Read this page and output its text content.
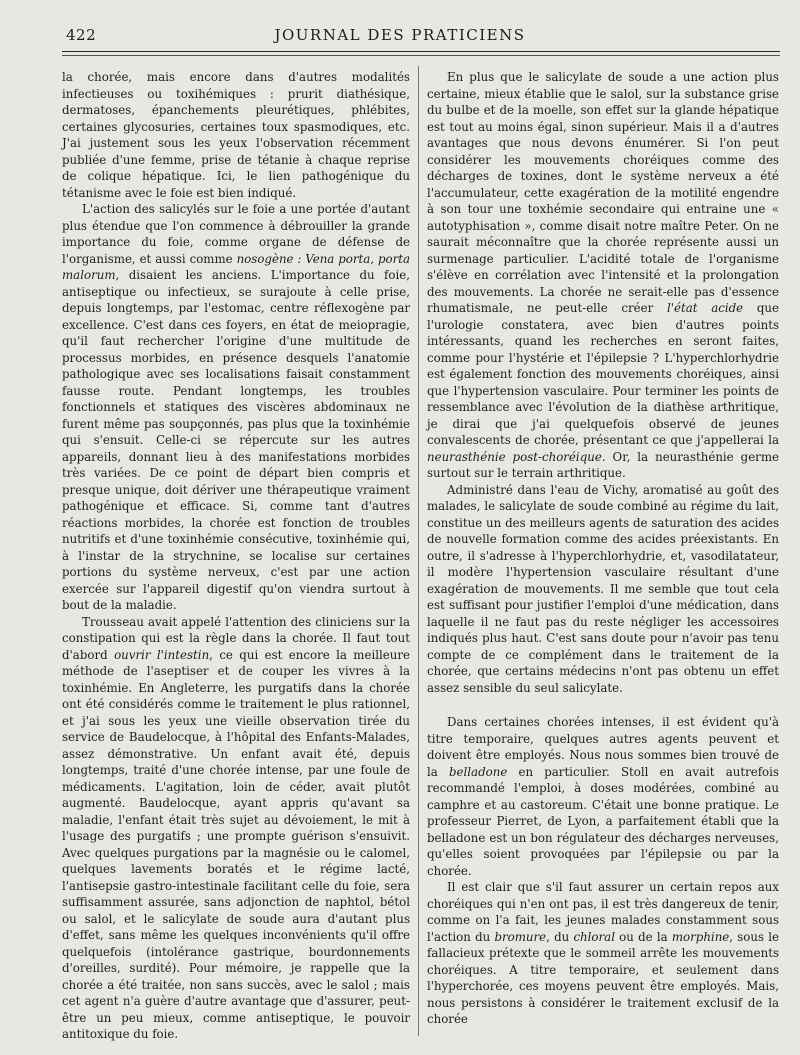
422	JOURNAL DES PRATICIENS

la chorée, mais encore dans d'autres modalités infectieuses ou toxihémiques : prurit diathésique, dermatoses, épanchements pleurétiques, phlébites, certaines glycosuries, certaines toux spasmodiques, etc. J'ai justement sous les yeux l'observation récemment publiée d'une femme, prise de tétanie à chaque reprise de colique hépatique. Ici, le lien pathogénique du tétanisme avec le foie est bien indiqué.

L'action des salicylés sur le foie a une portée d'autant plus étendue que l'on commence à débrouiller la grande importance du foie, comme organe de défense de l'organisme, et aussi comme nosogène : Vena porta, porta malorum, disaient les anciens. L'importance du foie, antiseptique ou infectieux, se surajoute à celle prise, depuis longtemps, par l'estomac, centre réflexogène par excellence. C'est dans ces foyers, en état de meiopragie, qu'il faut rechercher l'origine d'une multitude de processus morbides, en présence desquels l'anatomie pathologique avec ses localisations faisait constamment fausse route. Pendant longtemps, les troubles fonctionnels et statiques des viscères abdominaux ne furent même pas soupçonnés, pas plus que la toxinhémie qui s'ensuit. Celle-ci se répercute sur les autres appareils, donnant lieu à des manifestations morbides très variées. De ce point de départ bien compris et presque unique, doit dériver une thérapeutique vraiment pathogénique et efficace. Si, comme tant d'autres réactions morbides, la chorée est fonction de troubles nutritifs et d'une toxinhémie consécutive, toxinhémie qui, à l'instar de la strychnine, se localise sur certaines portions du système nerveux, c'est par une action exercée sur l'appareil digestif qu'on viendra surtout à bout de la maladie.

Trousseau avait appelé l'attention des cliniciens sur la constipation qui est la règle dans la chorée. Il faut tout d'abord ouvrir l'intestin, ce qui est encore la meilleure méthode de l'aseptiser et de couper les vivres à la toxinhémie. En Angleterre, les purgatifs dans la chorée ont été considérés comme le traitement le plus rationnel, et j'ai sous les yeux une vieille observation tirée du service de Baudelocque, à l'hôpital des Enfants-Malades, assez démonstrative. Un enfant avait été, depuis longtemps, traité d'une chorée intense, par une foule de médicaments. L'agitation, loin de céder, avait plutôt augmenté. Baudelocque, ayant appris qu'avant sa maladie, l'enfant était très sujet au dévoiement, le mit à l'usage des purgatifs ; une prompte guérison s'ensuivit. Avec quelques purgations par la magnésie ou le calomel, quelques lavements boratés et le régime lacté, l'antisepsie gastro-intestinale facilitant celle du foie, sera suffisamment assurée, sans adjonction de naphtol, bétol ou salol, et le salicylate de soude aura d'autant plus d'effet, sans même les quelques inconvénients qu'il offre quelquefois (intolérance gastrique, bourdonnements d'oreilles, surdité). Pour mémoire, je rappelle que la chorée a été traitée, non sans succès, avec le salol ; mais cet agent n'a guère d'autre avantage que d'assurer, peut-être un peu mieux, comme antiseptique, le pouvoir antitoxique du foie.

En plus que le salicylate de soude a une action plus certaine, mieux établie que le salol, sur la substance grise du bulbe et de la moelle, son effet sur la glande hépatique est tout au moins égal, sinon supérieur. Mais il a d'autres avantages que nous devons énumérer. Si l'on peut considérer les mouvements choréiques comme des décharges de toxines, dont le système nerveux a été l'accumulateur, cette exagération de la motilité engendre à son tour une toxhémie secondaire qui entraine une « autotyphisation », comme disait notre maître Peter. On ne saurait méconnaître que la chorée représente aussi un surmenage particulier. L'acidité totale de l'organisme s'élève en corrélation avec l'intensité et la prolongation des mouvements. La chorée ne serait-elle pas d'essence rhumatismale, ne peut-elle créer l'état acide que l'urologie constatera, avec bien d'autres points intéressants, quand les recherches en seront faites, comme pour l'hystérie et l'épilepsie ? L'hyperchlorhydrie est également fonction des mouvements choréiques, ainsi que l'hypertension vasculaire. Pour terminer les points de ressemblance avec l'évolution de la diathèse arthritique, je dirai que j'ai quelquefois observé de jeunes convalescents de chorée, présentant ce que j'appellerai la neurasthénie post-choréique. Or, la neurasthénie germe surtout sur le terrain arthritique.

Administré dans l'eau de Vichy, aromatisé au goût des malades, le salicylate de soude combiné au régime du lait, constitue un des meilleurs agents de saturation des acides de nouvelle formation comme des acides préexistants. En outre, il s'adresse à l'hyperchlorhydrie, et, vasodilatateur, il modère l'hypertension vasculaire résultant d'une exagération de mouvements. Il me semble que tout cela est suffisant pour justifier l'emploi d'une médication, dans laquelle il ne faut pas du reste négliger les accessoires indiqués plus haut. C'est sans doute pour n'avoir pas tenu compte de ce complément dans le traitement de la chorée, que certains médecins n'ont pas obtenu un effet assez sensible du seul salicylate.

Dans certaines chorées intenses, il est évident qu'à titre temporaire, quelques autres agents peuvent et doivent être employés. Nous nous sommes bien trouvé de la belladone en particulier. Stoll en avait autrefois recommandé l'emploi, à doses modérées, combiné au camphre et au castoreum. C'était une bonne pratique. Le professeur Pierret, de Lyon, a parfaitement établi que la belladone est un bon régulateur des décharges nerveuses, qu'elles soient provoquées par l'épilepsie ou par la chorée.

Il est clair que s'il faut assurer un certain repos aux choréiques qui n'en ont pas, il est très dangereux de tenir, comme on l'a fait, les jeunes malades constamment sous l'action du bromure, du chloral ou de la morphine, sous le fallacieux prétexte que le sommeil arrête les mouvements choréiques. A titre temporaire, et seulement dans l'hyperchorée, ces moyens peuvent être employés. Mais, nous persistons à considérer le traitement exclusif de la chorée
